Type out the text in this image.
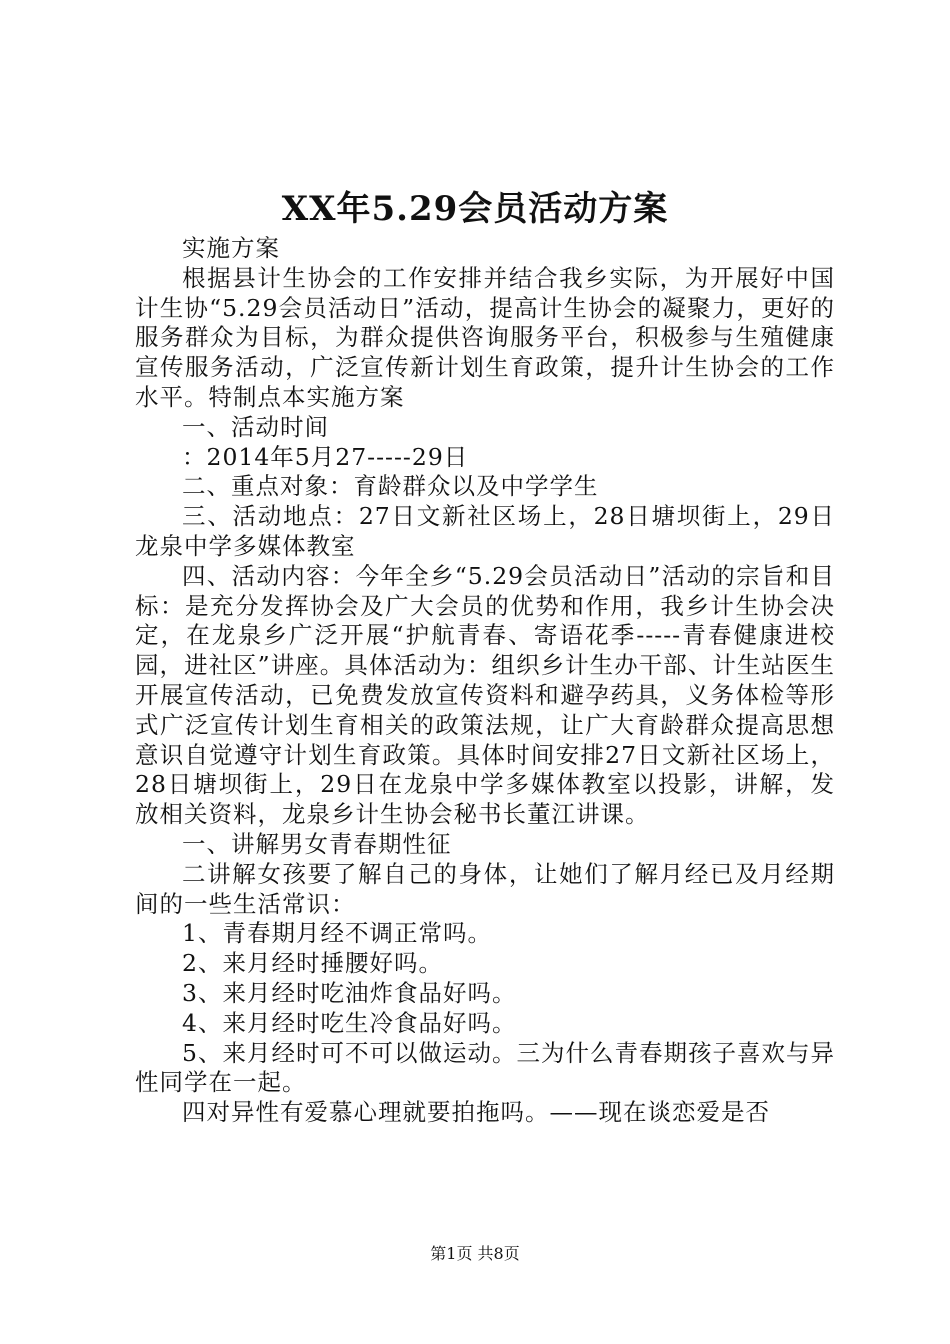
XX年5.29会员活动方案

实施方案

根据县计生协会的工作安排并结合我乡实际，为开展好中国计生协“5.29会员活动日”活动，提高计生协会的凝聚力，更好的服务群众为目标，为群众提供咨询服务平台，积极参与生殖健康宣传服务活动，广泛宣传新计划生育政策，提升计生协会的工作水平。特制点本实施方案

一、活动时间

：2014年5月27-----29日

二、重点对象：育龄群众以及中学学生

三、活动地点：27日文新社区场上，28日塘坝街上，29日龙泉中学多媒体教室

四、活动内容：今年全乡“5.29会员活动日”活动的宗旨和目标：是充分发挥协会及广大会员的优势和作用，我乡计生协会决定，在龙泉乡广泛开展“护航青春、寄语花季-----青春健康进校园，进社区”讲座。具体活动为：组织乡计生办干部、计生站医生开展宣传活动，已免费发放宣传资料和避孕药具，义务体检等形式广泛宣传计划生育相关的政策法规，让广大育龄群众提高思想意识自觉遵守计划生育政策。具体时间安排27日文新社区场上，28日塘坝街上，29日在龙泉中学多媒体教室以投影，讲解，发放相关资料，龙泉乡计生协会秘书长董江讲课。

一、讲解男女青春期性征

二讲解女孩要了解自己的身体，让她们了解月经已及月经期间的一些生活常识：

1、青春期月经不调正常吗。

2、来月经时捶腰好吗。

3、来月经时吃油炸食品好吗。

4、来月经时吃生冷食品好吗。

5、来月经时可不可以做运动。三为什么青春期孩子喜欢与异性同学在一起。

四对异性有爱慕心理就要拍拖吗。——现在谈恋爱是否

第1页 共8页
